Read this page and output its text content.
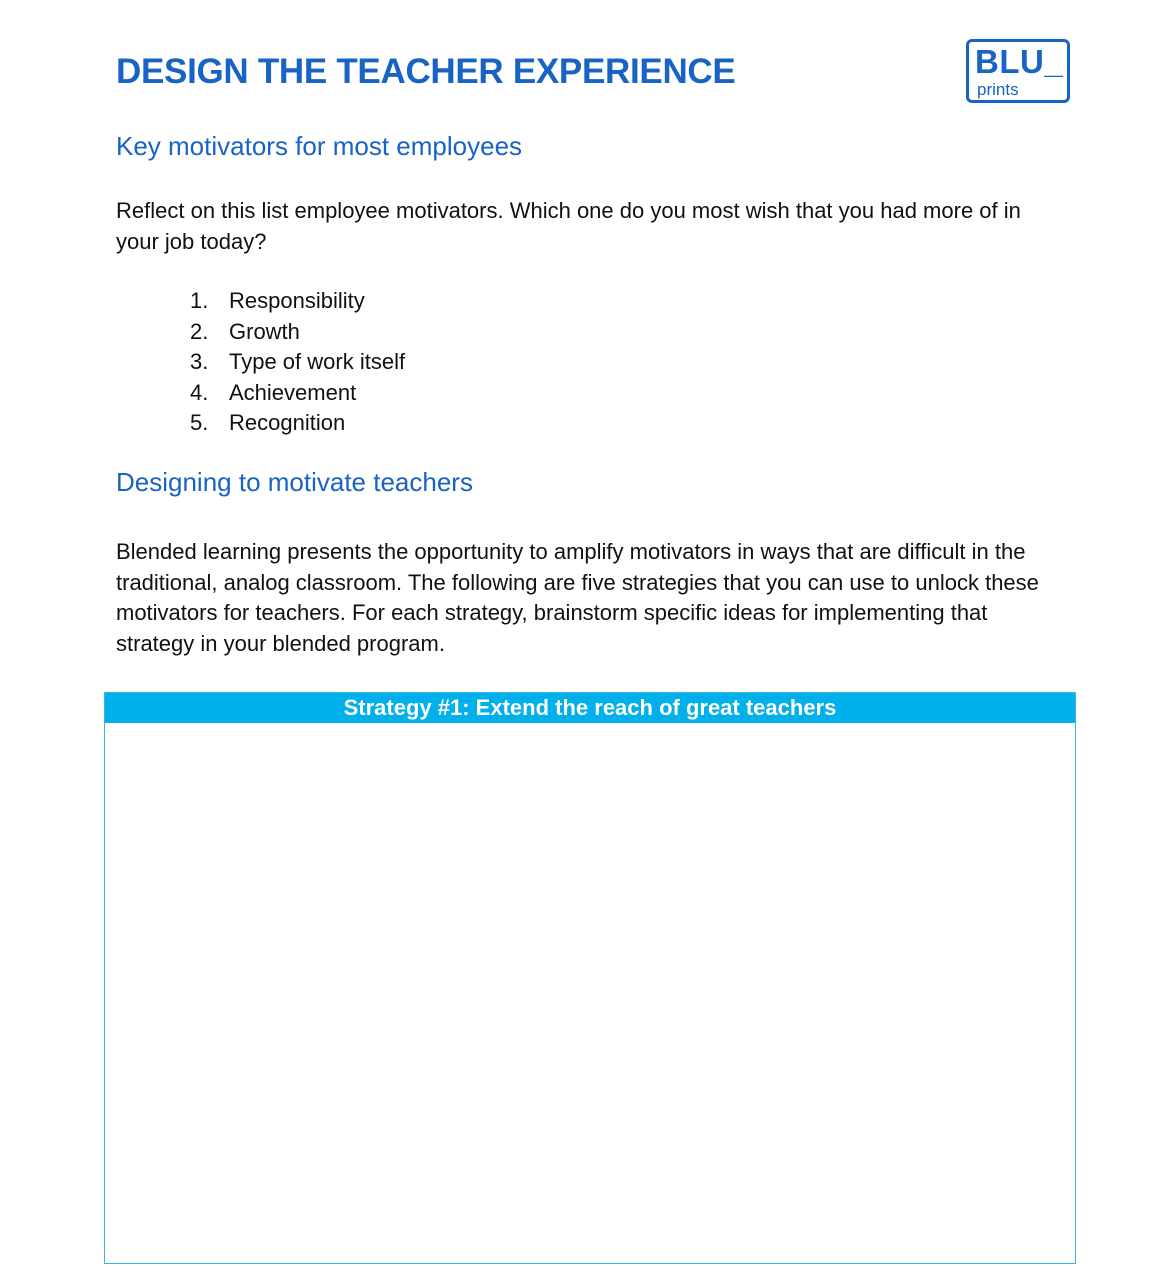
DESIGN THE TEACHER EXPERIENCE	BLU_
prints
Key motivators for most employees

Reflect on this list employee motivators. Which one do you most wish that you had more of in your job today?

1. Responsibility
2. Growth
3. Type of work itself
4. Achievement
5. Recognition
Designing to motivate teachers

Blended learning presents the opportunity to amplify motivators in ways that are difficult in the traditional, analog classroom. The following are five strategies that you can use to unlock these motivators for teachers. For each strategy, brainstorm specific ideas for implementing that strategy in your blended program.

Strategy #1: Extend the reach of great teachers
